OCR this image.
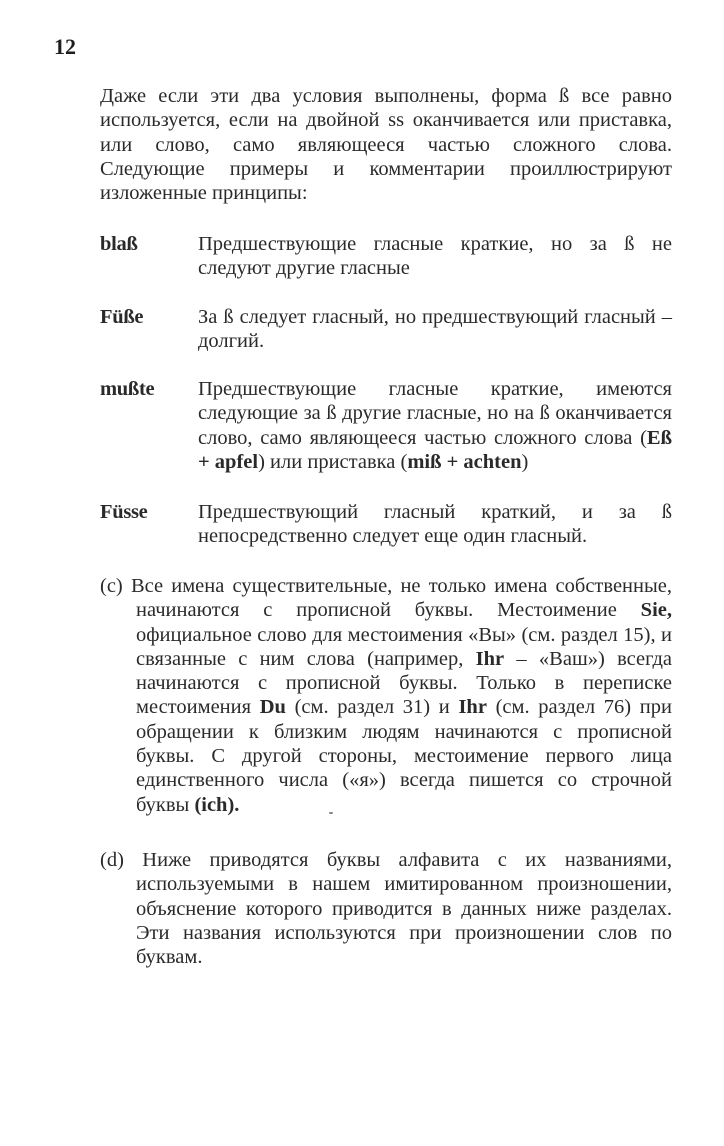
12
Даже если эти два условия выполнены, форма ß все равно используется, если на двойной ss оканчивается или приставка, или слово, само являющееся частью сложного слова. Следующие примеры и комментарии проиллюстрируют изложенные принципы:
blaß	Предшествующие гласные краткие, но за ß не следуют другие гласные
Füße	За ß следует гласный, но предшествующий гласный – долгий.
mußte Предшествующие гласные краткие, имеются следующие за ß другие гласные, но на ß оканчивается слово, само являющееся частью сложного слова (Eß + apfel) или приставка (miß + achten)
Füsse Предшествующий гласный краткий, и за ß непосредственно следует еще один гласный.
(c) Все имена существительные, не только имена собственные, начинаются с прописной буквы. Местоимение Sie, официальное слово для местоимения «Вы» (см. раздел 15), и связанные с ним слова (например, Ihr – «Ваш») всегда начинаются с прописной буквы. Только в переписке местоимения Du (см. раздел 31) и Ihr (см. раздел 76) при обращении к близким людям начинаются с прописной буквы. С другой стороны, местоимение первого лица единственного числа («я») всегда пишется со строчной буквы (ich).
(d) Ниже приводятся буквы алфавита с их названиями, используемыми в нашем имитированном произношении, объяснение которого приводится в данных ниже разделах. Эти названия используются при произношении слов по буквам.
